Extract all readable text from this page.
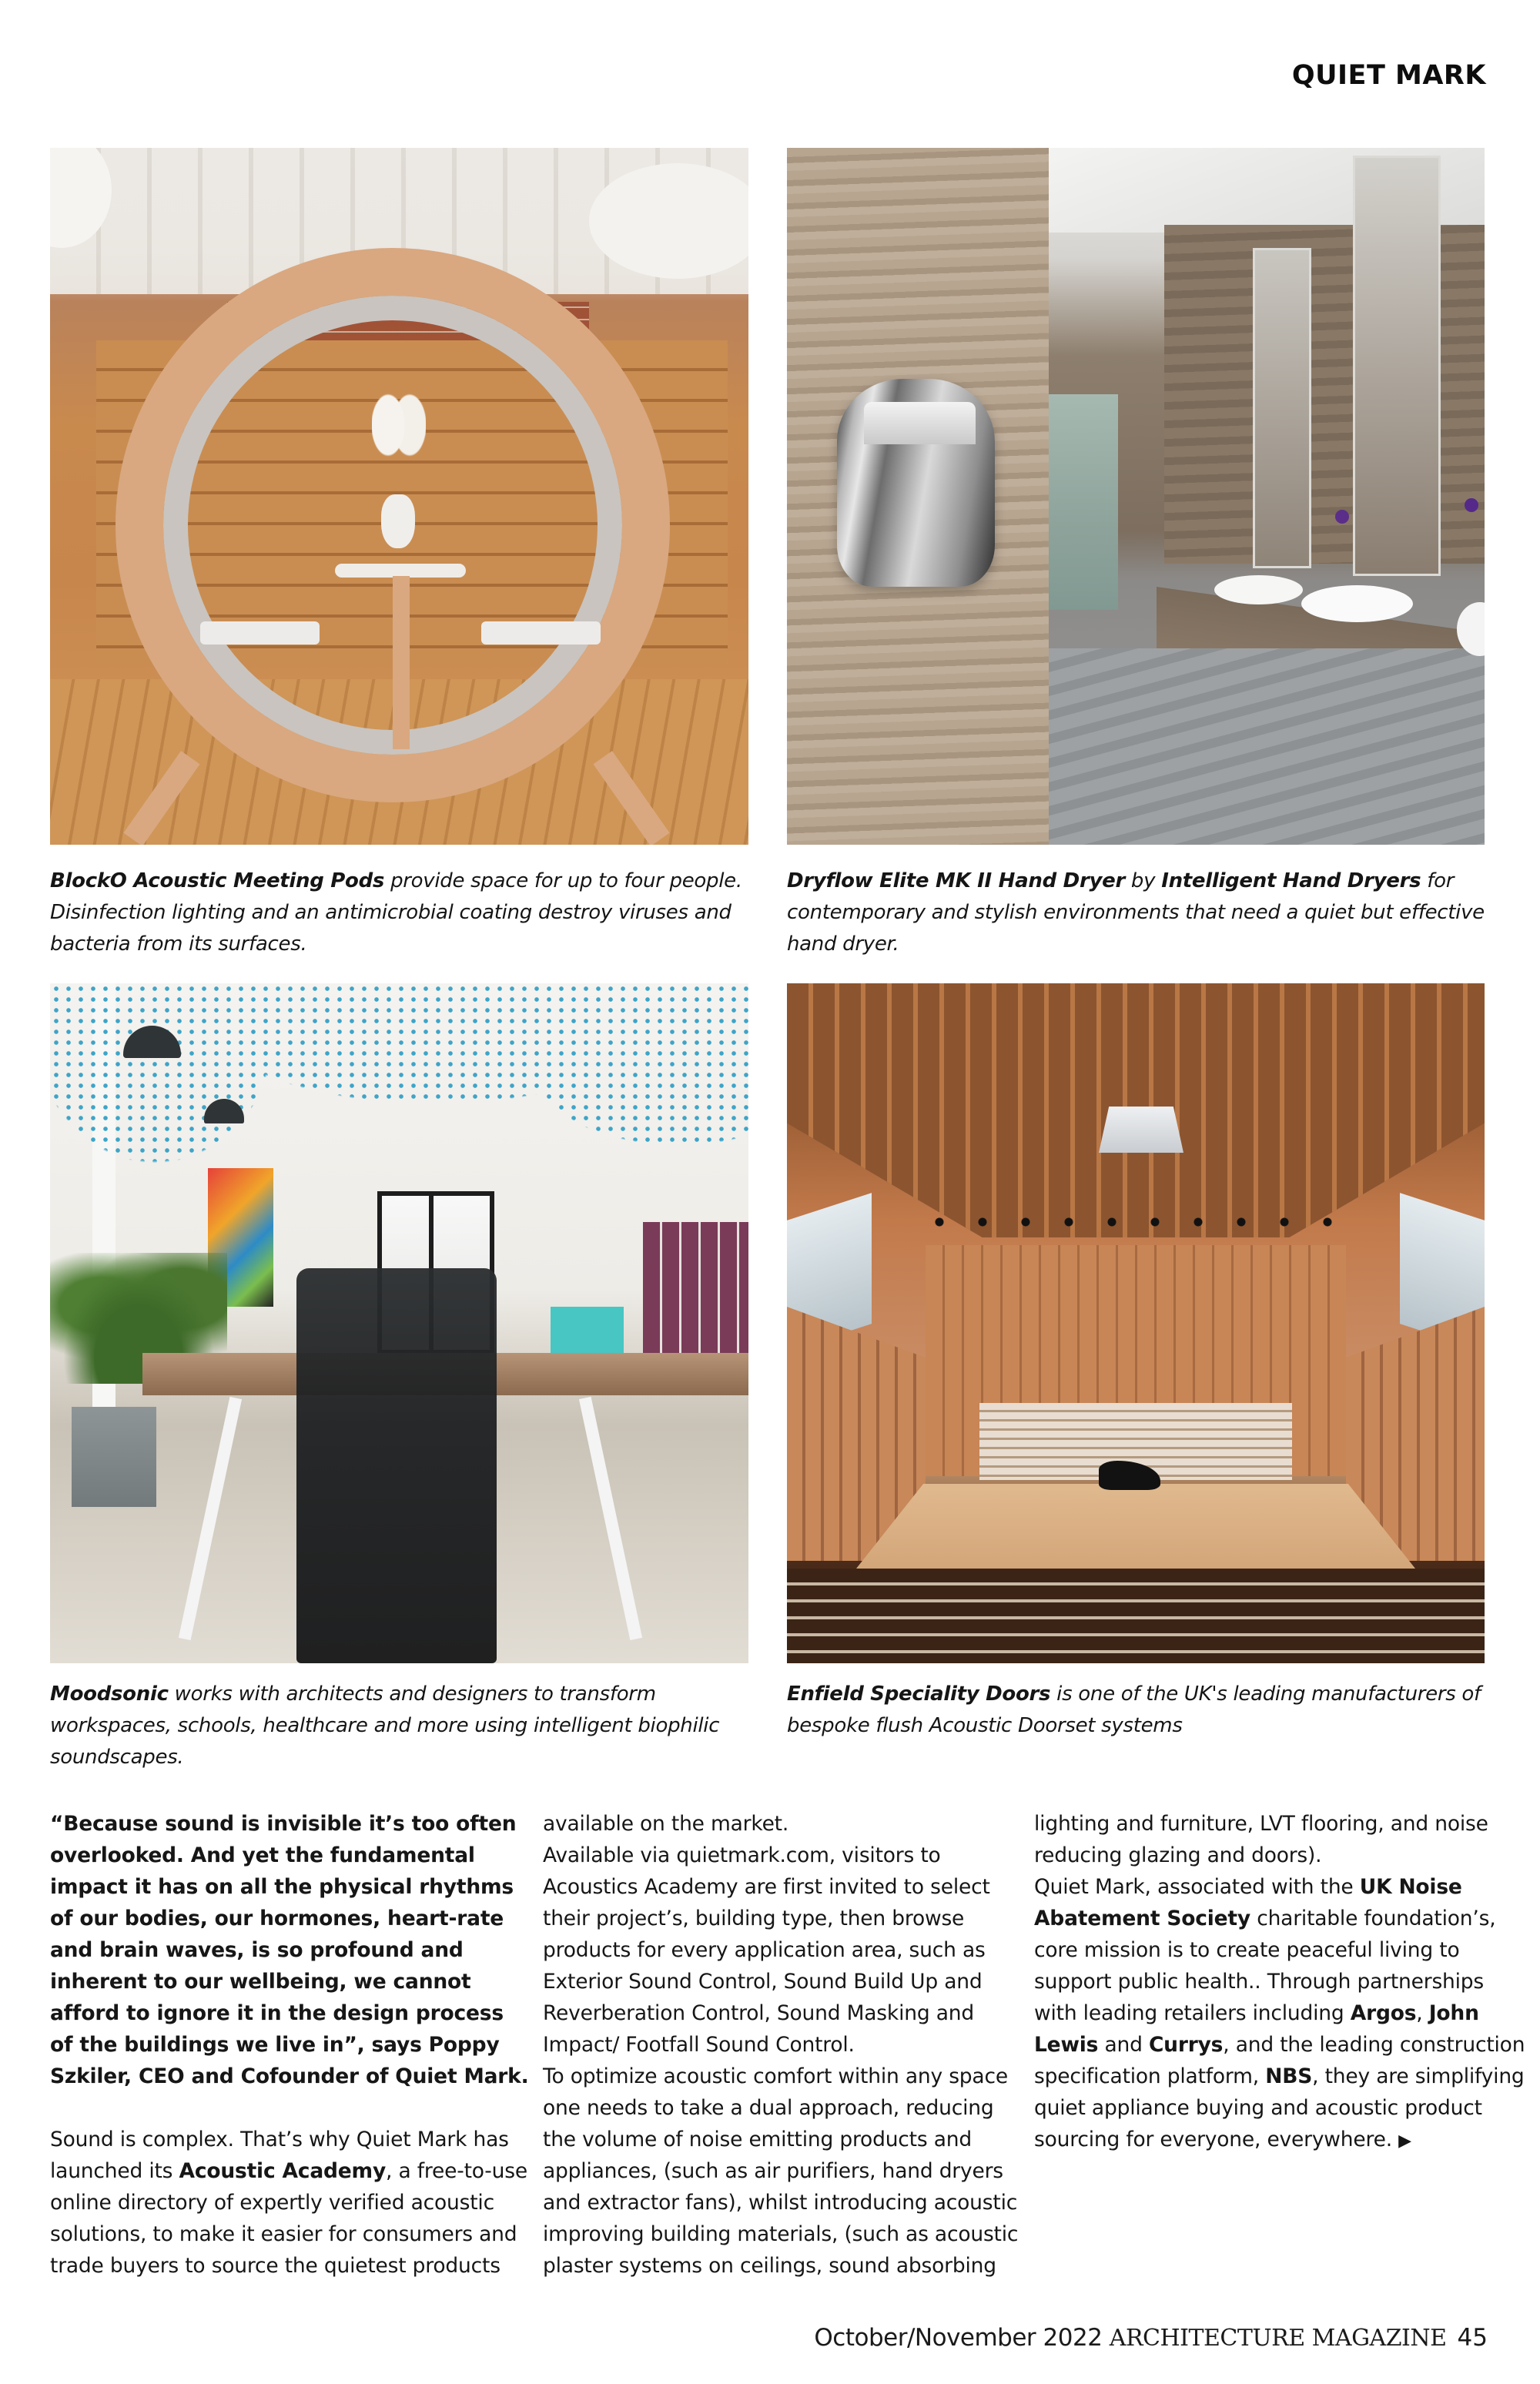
QUIET MARK
BlockO Acoustic Meeting Pods provide space for up to four people. Disinfection lighting and an antimicrobial coating destroy viruses and bacteria from its surfaces.
Dryflow Elite MK II Hand Dryer by Intelligent Hand Dryers for contemporary and stylish environments that need a quiet but effective hand dryer.
Moodsonic works with architects and designers to transform workspaces, schools, healthcare and more using intelligent biophilic soundscapes.
Enfield Speciality Doors is one of the UK's leading manufacturers of bespoke flush Acoustic Doorset systems

“Because sound is invisible it’s too often overlooked. And yet the fundamental impact it has on all the physical rhythms of our bodies, our hormones, heart-rate and brain waves, is so profound and inherent to our wellbeing, we cannot afford to ignore it in the design process of the buildings we live in”, says Poppy Szkiler, CEO and Cofounder of Quiet Mark.

Sound is complex. That’s why Quiet Mark has launched its Acoustic Academy, a free-to-use online directory of expertly verified acoustic solutions, to make it easier for consumers and trade buyers to source the quietest products

available on the market.

Available via quietmark.com, visitors to Acoustics Academy are first invited to select their project’s, building type, then browse products for every application area, such as Exterior Sound Control, Sound Build Up and Reverberation Control, Sound Masking and Impact/ Footfall Sound Control.

To optimize acoustic comfort within any space one needs to take a dual approach, reducing the volume of noise emitting products and appliances, (such as air purifiers, hand dryers and extractor fans), whilst introducing acoustic improving building materials, (such as acoustic plaster systems on ceilings, sound absorbing

lighting and furniture, LVT flooring, and noise reducing glazing and doors).

Quiet Mark, associated with the UK Noise Abatement Society charitable foundation’s, core mission is to create peaceful living to support public health.. Through partnerships with leading retailers including Argos, John Lewis and Currys, and the leading construction specification platform, NBS, they are simplifying quiet appliance buying and acoustic product sourcing for everyone, everywhere. ▶

October/November 2022 ARCHITECTURE MAGAZINE 45
